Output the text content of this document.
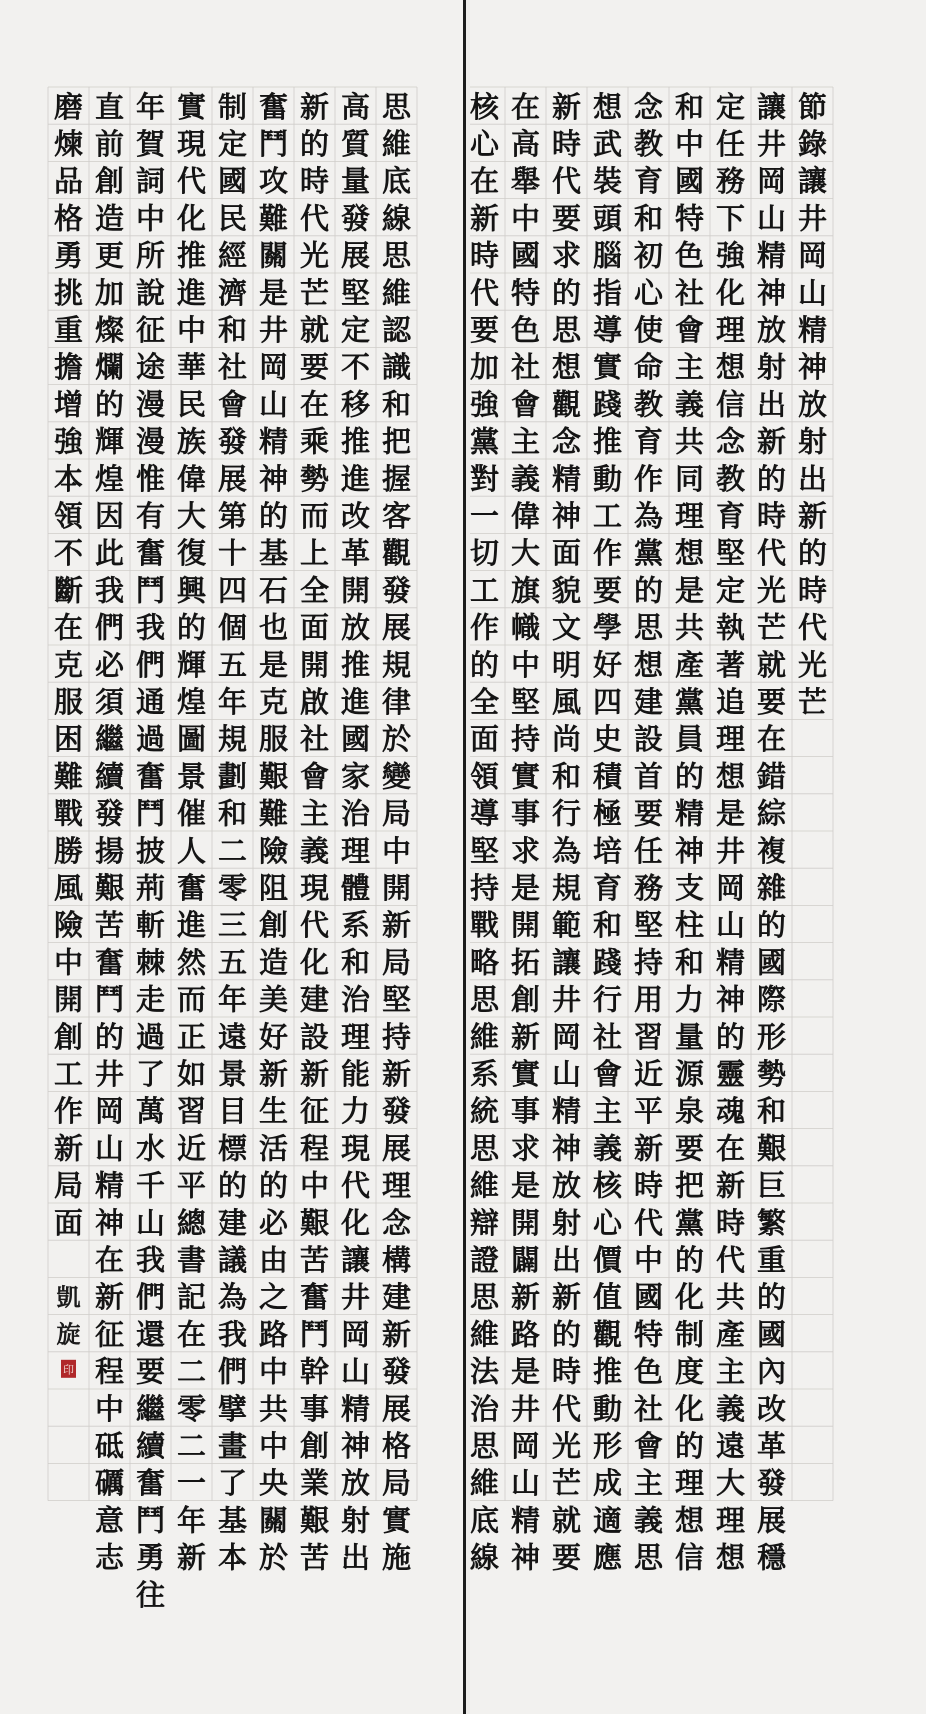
思維底線思維認識和把握客觀發展規律於變局中開新局堅持新發展理念構建新發展格局實施
高質量發展堅定不移推進改革開放推進國家治理體系和治理能力現代化讓井岡山精神放射出
新的時代光芒就要在乘勢而上全面開啟社會主義現代化建設新征程中艱苦奮鬥幹事創業艱苦
奮鬥攻難關是井岡山精神的基石也是克服艱難險阻創造美好新生活的必由之路中共中央關於
制定國民經濟和社會發展第十四個五年規劃和二零三五年遠景目標的建議為我們擘畫了基本
實現代化推進中華民族偉大復興的輝煌圖景催人奮進然而正如習近平總書記在二零二一年新
年賀詞中所說征途漫漫惟有奮鬥我們通過奮鬥披荊斬棘走過了萬水千山我們還要繼續奮鬥勇往
直前創造更加燦爛的輝煌因此我們必須繼續發揚艱苦奮鬥的井岡山精神在新征程中砥礪意志
磨煉品格勇挑重擔增強本領不斷在克服困難戰勝風險中開創工作新局面
凱旋
印
節錄讓井岡山精神放射出新的時代光芒
讓井岡山精神放射出新的時代光芒就要在錯綜複雜的國際形勢和艱巨繁重的國內改革發展穩
定任務下強化理想信念教育堅定執著追理想是井岡山精神的靈魂在新時代共產主義遠大理想
和中國特色社會主義共同理想是共產黨員的精神支柱和力量源泉要把黨的化制度化的理想信
念教育和初心使命教育作為黨的思想建設首要任務堅持用習近平新時代中國特色社會主義思
想武裝頭腦指導實踐推動工作要學好四史積極培育和踐行社會主義核心價值觀推動形成適應
新時代要求的思想觀念精神面貌文明風尚和行為規範讓井岡山精神放射出新的時代光芒就要
在高舉中國特色社會主義偉大旗幟中堅持實事求是開拓創新實事求是開闢新路是井岡山精神
核心在新時代要加強黨對一切工作的全面領導堅持戰略思維系統思維辯證思維法治思維底線
